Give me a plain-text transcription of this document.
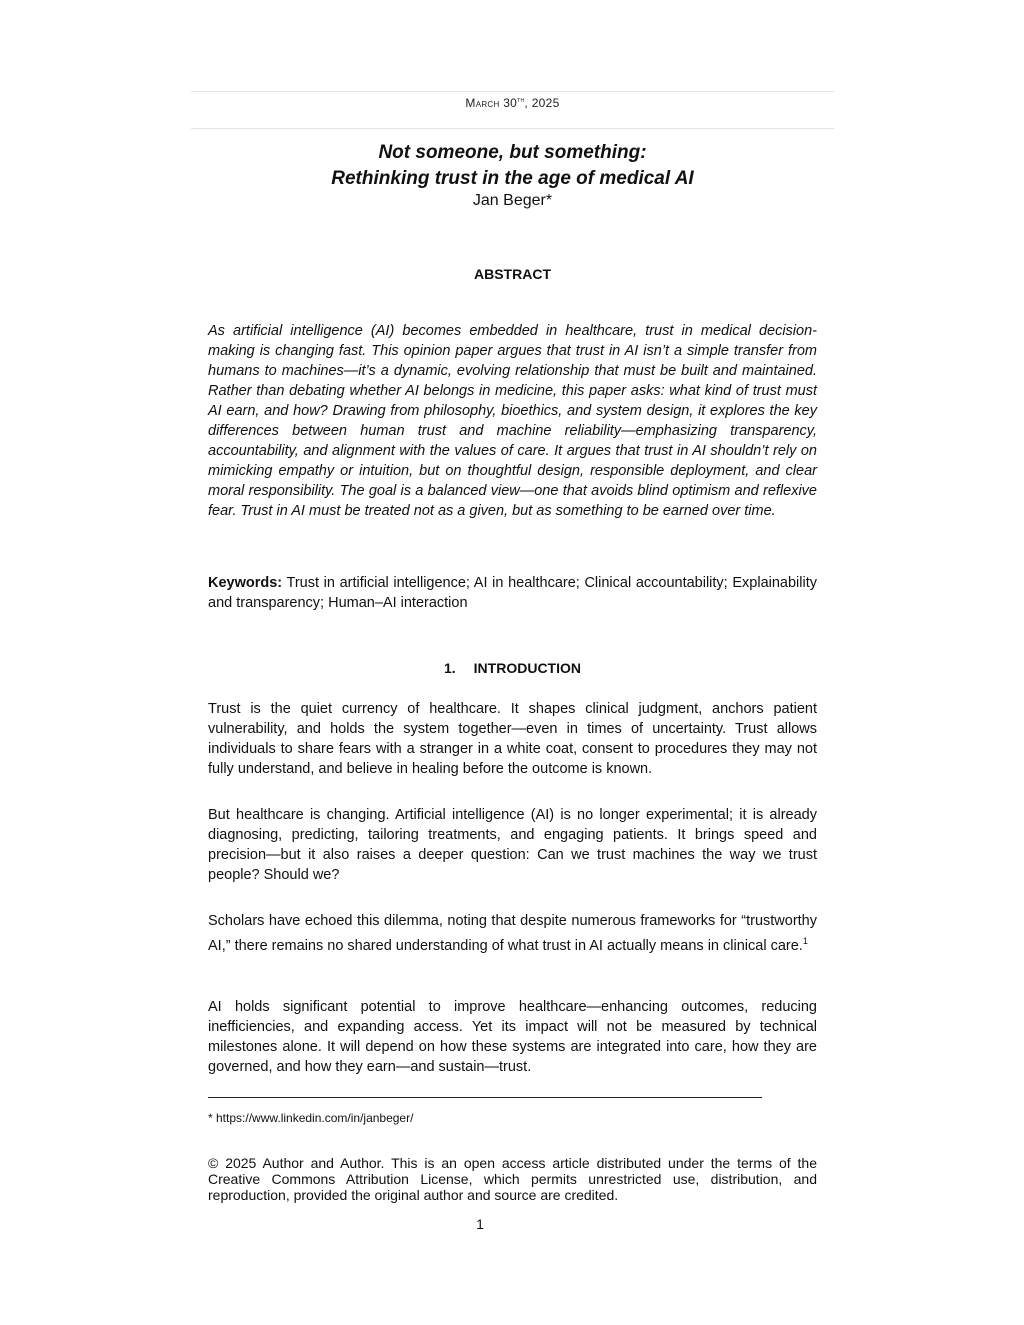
March 30th, 2025
Not someone, but something:
Rethinking trust in the age of medical AI
Jan Beger*
ABSTRACT
As artificial intelligence (AI) becomes embedded in healthcare, trust in medical decision-making is changing fast. This opinion paper argues that trust in AI isn’t a simple transfer from humans to machines—it’s a dynamic, evolving relationship that must be built and maintained. Rather than debating whether AI belongs in medicine, this paper asks: what kind of trust must AI earn, and how? Drawing from philosophy, bioethics, and system design, it explores the key differences between human trust and machine reliability—emphasizing transparency, accountability, and alignment with the values of care. It argues that trust in AI shouldn’t rely on mimicking empathy or intuition, but on thoughtful design, responsible deployment, and clear moral responsibility. The goal is a balanced view—one that avoids blind optimism and reflexive fear. Trust in AI must be treated not as a given, but as something to be earned over time.
Keywords: Trust in artificial intelligence; AI in healthcare; Clinical accountability; Explainability and transparency; Human–AI interaction
1. INTRODUCTION
Trust is the quiet currency of healthcare. It shapes clinical judgment, anchors patient vulnerability, and holds the system together—even in times of uncertainty. Trust allows individuals to share fears with a stranger in a white coat, consent to procedures they may not fully understand, and believe in healing before the outcome is known.
But healthcare is changing. Artificial intelligence (AI) is no longer experimental; it is already diagnosing, predicting, tailoring treatments, and engaging patients. It brings speed and precision—but it also raises a deeper question: Can we trust machines the way we trust people? Should we?
Scholars have echoed this dilemma, noting that despite numerous frameworks for “trustworthy AI,” there remains no shared understanding of what trust in AI actually means in clinical care.$^1$
AI holds significant potential to improve healthcare—enhancing outcomes, reducing inefficiencies, and expanding access. Yet its impact will not be measured by technical milestones alone. It will depend on how these systems are integrated into care, how they are governed, and how they earn—and sustain—trust.
* https://www.linkedin.com/in/janbeger/
© 2025 Author and Author. This is an open access article distributed under the terms of the Creative Commons Attribution License, which permits unrestricted use, distribution, and reproduction, provided the original author and source are credited.
1
